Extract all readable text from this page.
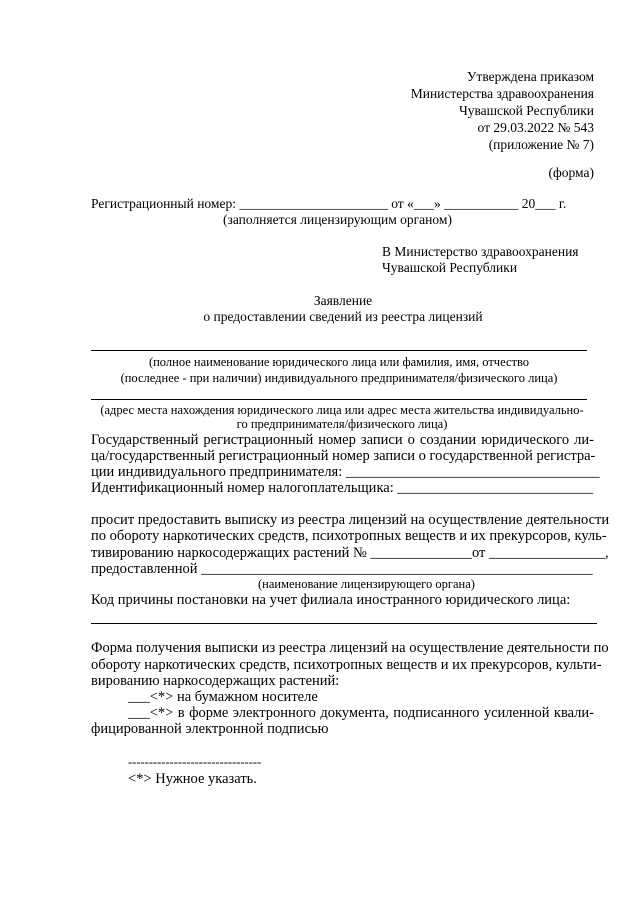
Утверждена приказом
Министерства здравоохранения
Чувашской Республики
от 29.03.2022 № 543
(приложение № 7)
(форма)
Регистрационный номер: ______________________ от «___» ___________ 20___ г.
(заполняется лицензирующим органом)
В Министерство здравоохранения
Чувашской Республики
Заявление
о предоставлении сведений из реестра лицензий
(полное наименование юридического лица или фамилия, имя, отчество
(последнее - при наличии) индивидуального предпринимателя/физического лица)
(адрес места нахождения юридического лица или адрес места жительства индивидуально-
го предпринимателя/физического лица)
Государственный регистрационный номер записи о создании юридического ли-
ца/государственный регистрационный номер записи о государственной регистра-
ции индивидуального предпринимателя: ___________________________________
Идентификационный номер налогоплательщика: ___________________________
просит предоставить выписку из реестра лицензий на осуществление деятельности
по обороту наркотических средств, психотропных веществ и их прекурсоров, куль-
тивированию наркосодержащих растений № ______________от ________________,
предоставленной ______________________________________________________
(наименование лицензирующего органа)
Код причины постановки на учет филиала иностранного юридического лица:
Форма получения выписки из реестра лицензий на осуществление деятельности по
обороту наркотических средств, психотропных веществ и их прекурсоров, культи-
вированию наркосодержащих растений:
___<*> на бумажном носителе
___<*> в форме электронного документа, подписанного усиленной квали-
фицированной электронной подписью
--------------------------------
<*> Нужное указать.
